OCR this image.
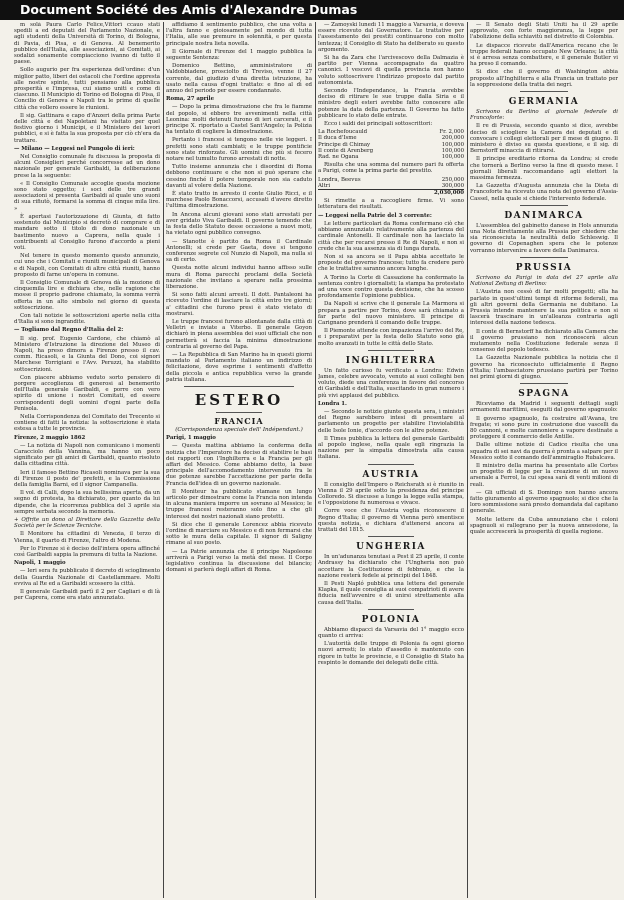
Document Société des Amis d'Alexandre Dumas

m solà Paura Carlo Felice,Vittorî ccauo stati spedili a ed deputati del Parlamento Nazionale, e agli studenti della Università di Torino, di Bologna, di Pavia, di Pisa, e di Genova. Al benemerito pubblico dell'Italia, alle associazioni, ai Comitati, ai sodalizi sonamente compiacciono ivanno di tutto il paese.

Sollo augurio per fra esperienza dell'ordine: d'un miglior patto, liberi dei ostacoli che l'ordine appresta alle nostre spinte, tutti pensiamo alla pubblica prosperità e l'impresa, cui siamo uniti e come di ciascuno. Il Municipio di Torino ed Bologna di Pisa, il Concilio di Genova e Napoli tra le prime di quelle città che vollero essere le riunioni.

Il sig. Gattinara e capo d'Anzeri della prima Parte delle città e dei Napoletani ha visitato per quel festivo giorno i Municipi, e il Ministero dei lavori pubblici, e si è fatta la sua proposta per ciò ch'era da trattare.

— Milano — Leggesi nel Pungolo di ieri:

Nel Consiglio comunale fu discussa la proposta di alcuni Consiglieri perché concorresse ad un dono nazionale per generale Garibaldi, la deliberazione prese la la seguente:

« Il Consiglio Comunale accoglie questa mozione sono stato oggetto; i soci delle tre grandi associazioni si presenta Garibaldi al quale uno suoni di sua rifiutò, formarsi la somma di cinque mila lire. »

È apertasi l'autorizzazione di Giunta, di fatto sostenuto dal Municipio si decretò di comprare e di mandare sotto il titolo di dono nazionale un bastimento nuovo a Caprera, nella quale i contribuenti al Consiglio furono d'accordo a pieni voti.

Nel tenere in questo momento questo annunzio, cui uno che i Comitati e riuniti municipali di Genova e di Napoli, con Comitati di altre città riuniti, hanno proposto di farne un'opera in comune.

Il Consiglio Comunale di Genova dà la mozione di cinquemila lire e dichiara che, nelle ragione che mosse il proprio padrone chiamato, la somma verrà offerta in un alto simbolo nel giorno di questa sottoscrizione.

Con tali notizie le sottoscrizioni aperte nella citta d'Italia si sono ingrandite.

— Togliamo dal Regno d'Italia del 2:

Il sig. prof. Eugenio Cardone, che chiamò al Ministero d'Istruzione la direzione del Museo di Napoli, ha preso dimora a Firenze presso il cav. comm. Ricasoli, e la Giunta del Dono, coi signori Marchese Torrigiani e l'Avv. Peruzzi, ha stabilito sottoscrizioni.

Con piacere abbiamo veduto sorto pensiero di porgere accoglienza di generosi al benemerito dell'Italia generale Garibaldi, e porre con vero spirito di unione i nostri Comitati, ed essere corrispondenti degli uomini d'ogni parte della Penisola.

Nella Corrispondenza del Comitato dei Trecento si contiene di fatti la notizia: la sottoscrizione è stata estesa a tutte le provincie.

Firenze, 2 maggio 1862

— La notizia di Napoli non comunicano i momenti Caracciolo della Vannina, ma hanno un poco significato per gli amici di Garibaldi, quanto risoluto dalla cittadina città.

Ieri il famoso Bettino Ricasoli nominava per la sua di Firenze il posto de' prefetti, e la Commissione della famiglia Barni, ed il signor Campanella.

Il vol. di Calli, dopo la sua bellissima aperta, da un segno di protesta, ha dichiarato, per quanto da lui dipende, che la ricorrenza pubblica del 3 aprile sia sempre serbata secondo la memoria.

+ Offrite un dono al Direttore della Gazzetta della Società per le Scienze Tecniche.

Il Monitore ha cittadini di Venezia, il terzo di Vienna, il quarto di Firenze, l'altro di Modena.

Per lo Firenze si è deciso dell'intera opera affinché così Garibaldi sappia la premura di tutta la Nazione.

Napoli, 1 maggio

— Ieri sera fu pubblicato il decreto di scioglimento della Guardia Nazionale di Castellammare. Molti evviva al Re ed a Garibaldi scossero la città.

Il generale Garibaldi partì il 2 per Cagliari e di là per Caprera, come era stato annunziato.

affidiamo il sentimento pubblico, che una volta a l'altra fanno e gioiosamente pel mondo di tutta l'Italia, alle sue premure in solennità, e per questa principale nostra lieta novella.

Il Giornale di Firenze del 1 maggio pubblica la seguente Sentenza:

Domenico Bettino, amministratore di Valdobbiadene, prosciolto di Treviso, venne il 27 corrente, dal giudizio d'una diretta istruzione, ha usato nella causa d'ogni trattato: e fino al dì ed annuo del periodo per essere condannato.

Roma, 27 aprile

— Dopo la prima dimostrazione che fra le fiamme del popolo, si ebbero tre avvenimenti nella città Leonina: molti detenuti furono di ieri carcerati, e il principe X. riportato a Castel Sant'Angelo; la Polizia ha tentato di cogliere la dimostrazione.

Pertanto i francesi si tengono nelle vie leggeri. I prefetti sono stati cambiati; e le truppe pontificie sono state rinforzate. Gli uomini che più si fecero notare nel tumulto furono arrestati di notte.

Tutto insieme annunzia che i disordini di Roma debbono continuare e che non si può sperare che cessino finché il potere temporale non sia caduto davanti al volere della Nazione.

È stato tratto in arresto il conte Giulio Ricci, e il marchese Paolo Bonaccorsi, accusati d'avere diretto l'ultima dimostrazione.

In Ancona alcuni giovani sono stati arrestati per aver gridato Viva Garibaldi. Il governo temendo che la festa dello Statuto desse occasione a nuovi moti, ha vietato ogni pubblico convegno.

— Stanotte è partito da Roma il Cardinale Antonelli; si crede per Gaeta, dove si tengono conferenze segrete col Nunzio di Napoli, ma nulla si sa di certo.

Questa notte alcuni individui hanno affisso sulle mura di Roma parecchi proclami della Società nazionale che invitano a sperare nella prossima liberazione.

Si sono fatti alcuni arresti. Il dott. Pantaleoni ha ricevuto l'ordine di lasciare la città entro tre giorni; a' cittadini che furono presi è stato vietato di mostrarsi.

Le truppe francesi furono allontanate dalla città di Velletri e inviate a Viterbo. Il generale Goyon dichiarò in piena assemblea dei suoi ufficiali che non permetterà si faccia la minima dimostrazione contraria al governo del Papa.

— La Repubblica di San Marino ha in questi giorni mandato al Parlamento italiano un indirizzo di felicitazione, dove esprime i sentimenti d'affetto della piccola e antica repubblica verso la grande patria italiana.

ESTERO
FRANCIA
(Corrispondenza speciale dell' Indépendant.)

Parigi, 1 maggio

— Questa mattina abbiamo la conferma della notizia che l'Imperatore ha deciso di stabilire le basi dei rapporti con l'Inghilterra e la Francia per gli affari del Messico. Come abbiamo detto, la base principale dell'accomodamento intervenuto fra le due potenze sarebbe l'accettazione per parte della Francia dell'idea di un governo nazionale.

Il Moniteur ha pubblicato stamane un lungo articolo per dimostrare come la Francia non intenda in alcuna maniera imporre un sovrano al Messico; le truppe francesi resteranno solo fino a che gli interessi dei nostri nazionali siano protetti.

Si dice che il generale Lorencez abbia ricevuto l'ordine di marciare su Messico e di non fermarsi che sotto le mura della capitale. Il signor di Saligny rimane al suo posto.

— La Patrie annunzia che il principe Napoleone arriverà a Parigi verso la metà del mese. Il Corpo legislativo continua la discussione del bilancio; domani si parlerà degli affari di Roma.

— Zamoyski lunedì 11 maggio a Varsavia, e doveva essere ricevuto dal Governatore. Le trattative per l'assestamento dei prestiti continuarono con molto lentezza; il Consiglio di Stato ha deliberato su questo argomento.

Si ha da Zara che l'arcivescovo della Dalmazia è partito per Vienna accompagnato da quattro canonici. I vescovi di quella provincia non hanno voluto sottoscrivere l'indirizzo proposto dal partito autonomista.

Secondo l'Independance, la Francia avrebbe deciso di ritirare le sue truppe dalla Siria e il ministro degli esteri avrebbe fatto conoscere alle potenze la data della partenza. Il Governo ha fatto pubblicare lo stato delle entrate.

Ecco i saldi dei principali sottoscrittori:

La Rochefoucauld	Fr. 2,000
Il duca d'Isme	200,000
Principe di Chimay	100,000
Il conte di Arenberg	100,000
Rad. ne Ogana	100,000

Risulta che una somma del numero pari fu offerta a Parigi, come la prima parte del prestito.

Londra, Beevus	250,000
Altri	300,000
	2,030,000

Si rimette a a raccogliere firme. Vi sono letteratura dei risultati.

— Leggesi nella Patrie del 3 corrente:

Le lettere particolari da Roma confermano ciò che abbiamo annunziato relativamente alla partenza del cardinale Antonelli. Il cardinale non ha lasciato la città che per recarsi presso il Re di Napoli, e non si crede che la sua assenza sia di lunga durata.

Non si sa ancora se il Papa abbia accettato le proposte del governo francese; tutto fa credere però che le trattative saranno ancora lunghe.

A Torino la Corte di Cassazione ha confermato la sentenza contro i giornalisti; la stampa ha protestato ad una voce contro questa decisione, che ha scosso profondamente l'opinione pubblica.

Da Napoli si scrive che il generale La Marmora si prepara a partire per Torino, dove sarà chiamato a far parte del nuovo ministero. Il principe di Carignano prenderà il comando delle truppe.

Il Piemonte attende con impazienza l'arrivo del Re, e i preparativi per la festa dello Statuto sono già molto avanzati in tutte le città dello Stato.

INGHILTERRA

Un fatto curioso fu verificato a Londra: Edwin James, celebre avvocato, venuto ai suoi colleghi ben voluto, diede una conferenza in favore del concorso di Garibaldi e dell'Italia, suscitando in gran numero i più vivi applausi del pubblico.

Londra 1.

— Secondo le notizie giunte questa sera, i ministri del Regno sarebbero intesi di presentare al parlamento un progetto per stabilire l'inviolabilità delle Isole Ionie, d'accordo con le altre potenze.

Il Times pubblica la lettera del generale Garibaldi al popolo inglese, nella quale egli ringrazia la nazione per la simpatia dimostrata alla causa italiana.

AUSTRIA

Il consiglio dell'Impero o Reichsrath si è riunito in Vienna il 29 aprile sotto la presidenza del principe Colloredo. Si discusse a lungo la legge sulla stampa, e l'opposizione fu numerosa e vivace.

Corre voce che l'Austria voglia riconoscere il Regno d'Italia; il governo di Vienna però smentisce questa notizia, e dichiara d'attenersi ancora ai trattati del 1815.

UNGHERIA

In un'adunanza tenutasi a Pest il 25 aprile, il conte Andrassy ha dichiarato che l'Ungheria non può accettare la Costituzione di febbraio, e che la nazione resterà fedele ai principii del 1848.

Il Pesti Napló pubblica una lettera del generale Klapka, il quale consiglia ai suoi compatrioti di avere fiducia nell'avvenire e di unirsi strettamente alla causa dell'Italia.

POLONIA

Abbiamo dispacci da Varsavia del 1° maggio ecco quanto ci arriva:

L'autorità delle truppe di Polonia fa ogni giorno nuovi arresti; lo stato d'assedio è mantenuto con rigore in tutte le provincie, e il Consiglio di Stato ha respinto le domande dei delegati delle città.

— Il Senato degli Stati Uniti ha il 29 aprile approvato, con forte maggioranza, la legge per l'abolizione della schiavitù nel distretto di Colombia.

Le dispacce ricevute dall'America recano che le truppe federali hanno occupato New Orleans; la città si è arresa senza combattere, e il generale Butler vi ha preso il comando.

Si dice che il governo di Washington abbia proposto all'Inghilterra e alla Francia un trattato per la soppressione della tratta dei negri.

GERMANIA

Scrivono da Berlino al giornale federale di Francoforte:

Il re di Prussia, secondo quanto si dice, avrebbe deciso di sciogliere la Camera dei deputati e di convocare i collegi elettorali per il mese di giugno. Il ministero è diviso su questa questione, e il sig. di Bernstorff minaccia di ritirarsi.

Il principe ereditario ritorna da Londra; si crede che tornerà a Berlino verso la fine di questo mese. I giornali liberali raccomandano agli elettori la massima fermezza.

La Gazzetta d'Augusta annunzia che la Dieta di Francoforte ha ricevuto una nota del governo d'Assia-Cassel, nella quale si chiede l'intervento federale.

DANIMARCA

L'assemblea del gabinetto danese in Hols annunzia una Nota direttamente alla Prussia per chiedere che sia riconosciuta la neutralità dello Schleswig. Il governo di Copenaghen spera che le potenze vorranno intervenire a favore della Danimarca.

PRUSSIA

Scrivono da Parigi in data del 27 aprile alla National Zeitung di Berlino:

L'Austria non cessò di far molti progetti; ella ha parlato in quest'ultimi tempi di riforme federali, ma gli altri governi della Germania ne dubitano. La Prussia intende mantenere la sua politica e non si lascerà trascinare in un'alleanza contraria agli interessi della nazione tedesca.

Il conte di Bernstorff ha dichiarato alla Camera che il governo prussiano non riconoscerà alcun mutamento nella Costituzione federale senza il consenso del popolo tedesco.

La Gazzetta Nazionale pubblica la notizia che il governo ha riconosciuto ufficialmente il Regno d'Italia; l'ambasciatore prussiano partirà per Torino nei primi giorni di giugno.

SPAGNA

Riceviamo da Madrid i seguenti dettagli sugli armamenti marittimi, eseguiti dal governo spagnuolo:

Il governo spagnuolo, fa costruire all'Avana, tre fregate; vi sono pure in costruzione due vascelli da 80 cannoni, e molte cannoniere a vapore destinate a proteggere il commercio delle Antille.

Dalle ultime notizie di Cadice risulta che una squadra di sei navi da guerra è pronta a salpare per il Messico sotto il comando dell'ammiraglio Rubalcava.

Il ministro della marina ha presentato alle Cortes un progetto di legge per la creazione di un nuovo arsenale a Ferrol, la cui spesa sarà di venti milioni di reali.

— Gli ufficiali di S. Domingo non hanno ancora fatto giuramento al governo spagnuolo; si dice che la loro sommissione sarà presto domandata dal capitano generale.

Molte lettere da Cuba annunziano che i coloni spagnuoli si rallegrano per la nuova annessione, la quale accrescerà la prosperità di quella regione.
